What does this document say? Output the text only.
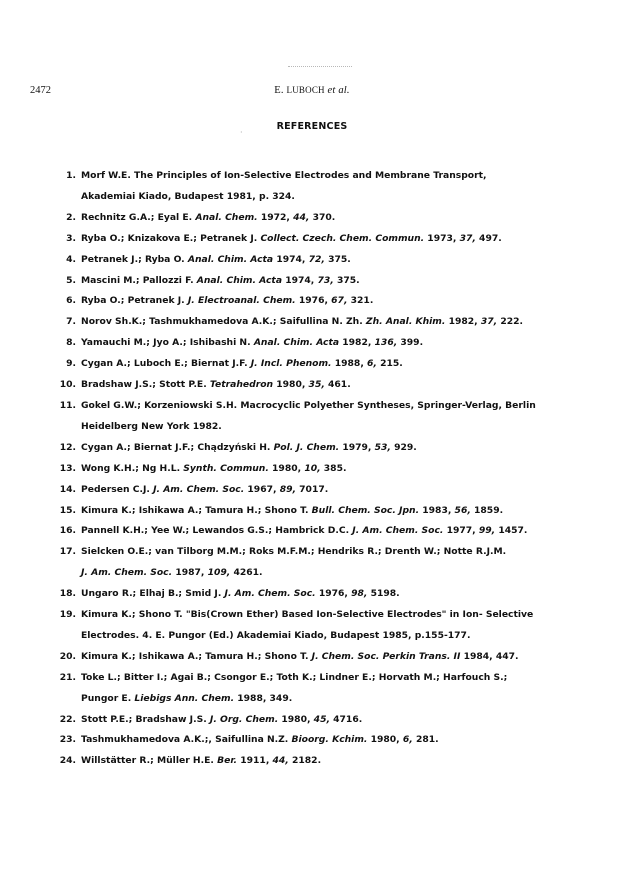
2472	E. LUBOCH et al.
·
REFERENCES
1. Morf W.E. The Principles of Ion-Selective Electrodes and Membrane Transport,
Akademiai Kiado, Budapest 1981, p. 324.
2. Rechnitz G.A.; Eyal E. Anal. Chem. 1972, 44, 370.
3. Ryba O.; Knizakova E.; Petranek J. Collect. Czech. Chem. Commun. 1973, 37, 497.
4. Petranek J.; Ryba O. Anal. Chim. Acta 1974, 72, 375.
5. Mascini M.; Pallozzi F. Anal. Chim. Acta 1974, 73, 375.
6. Ryba O.; Petranek J. J. Electroanal. Chem. 1976, 67, 321.
7. Norov Sh.K.; Tashmukhamedova A.K.; Saifullina N. Zh. Zh. Anal. Khim. 1982, 37, 222.
8. Yamauchi M.; Jyo A.; Ishibashi N. Anal. Chim. Acta 1982, 136, 399.
9. Cygan A.; Luboch E.; Biernat J.F. J. Incl. Phenom. 1988, 6, 215.
10. Bradshaw J.S.; Stott P.E. Tetrahedron 1980, 35, 461.
11. Gokel G.W.; Korzeniowski S.H. Macrocyclic Polyether Syntheses, Springer-Verlag, Berlin
Heidelberg New York 1982.
12. Cygan A.; Biernat J.F.; Chądzyński H. Pol. J. Chem. 1979, 53, 929.
13. Wong K.H.; Ng H.L. Synth. Commun. 1980, 10, 385.
14. Pedersen C.J. J. Am. Chem. Soc. 1967, 89, 7017.
15. Kimura K.; Ishikawa A.; Tamura H.; Shono T. Bull. Chem. Soc. Jpn. 1983, 56, 1859.
16. Pannell K.H.; Yee W.; Lewandos G.S.; Hambrick D.C. J. Am. Chem. Soc. 1977, 99, 1457.
17. Sielcken O.E.; van Tilborg M.M.; Roks M.F.M.; Hendriks R.; Drenth W.; Notte R.J.M.
J. Am. Chem. Soc. 1987, 109, 4261.
18. Ungaro R.; Elhaj B.; Smid J. J. Am. Chem. Soc. 1976, 98, 5198.
19. Kimura K.; Shono T. "Bis(Crown Ether) Based Ion-Selective Electrodes" in Ion- Selective
Electrodes. 4. E. Pungor (Ed.) Akademiai Kiado, Budapest 1985, p.155-177.
20. Kimura K.; Ishikawa A.; Tamura H.; Shono T. J. Chem. Soc. Perkin Trans. II 1984, 447.
21. Toke L.; Bitter I.; Agai B.; Csongor E.; Toth K.; Lindner E.; Horvath M.; Harfouch S.;
Pungor E. Liebigs Ann. Chem. 1988, 349.
22. Stott P.E.; Bradshaw J.S. J. Org. Chem. 1980, 45, 4716.
23. Tashmukhamedova A.K.;, Saifullina N.Z. Bioorg. Kchim. 1980, 6, 281.
24. Willstätter R.; Müller H.E. Ber. 1911, 44, 2182.
